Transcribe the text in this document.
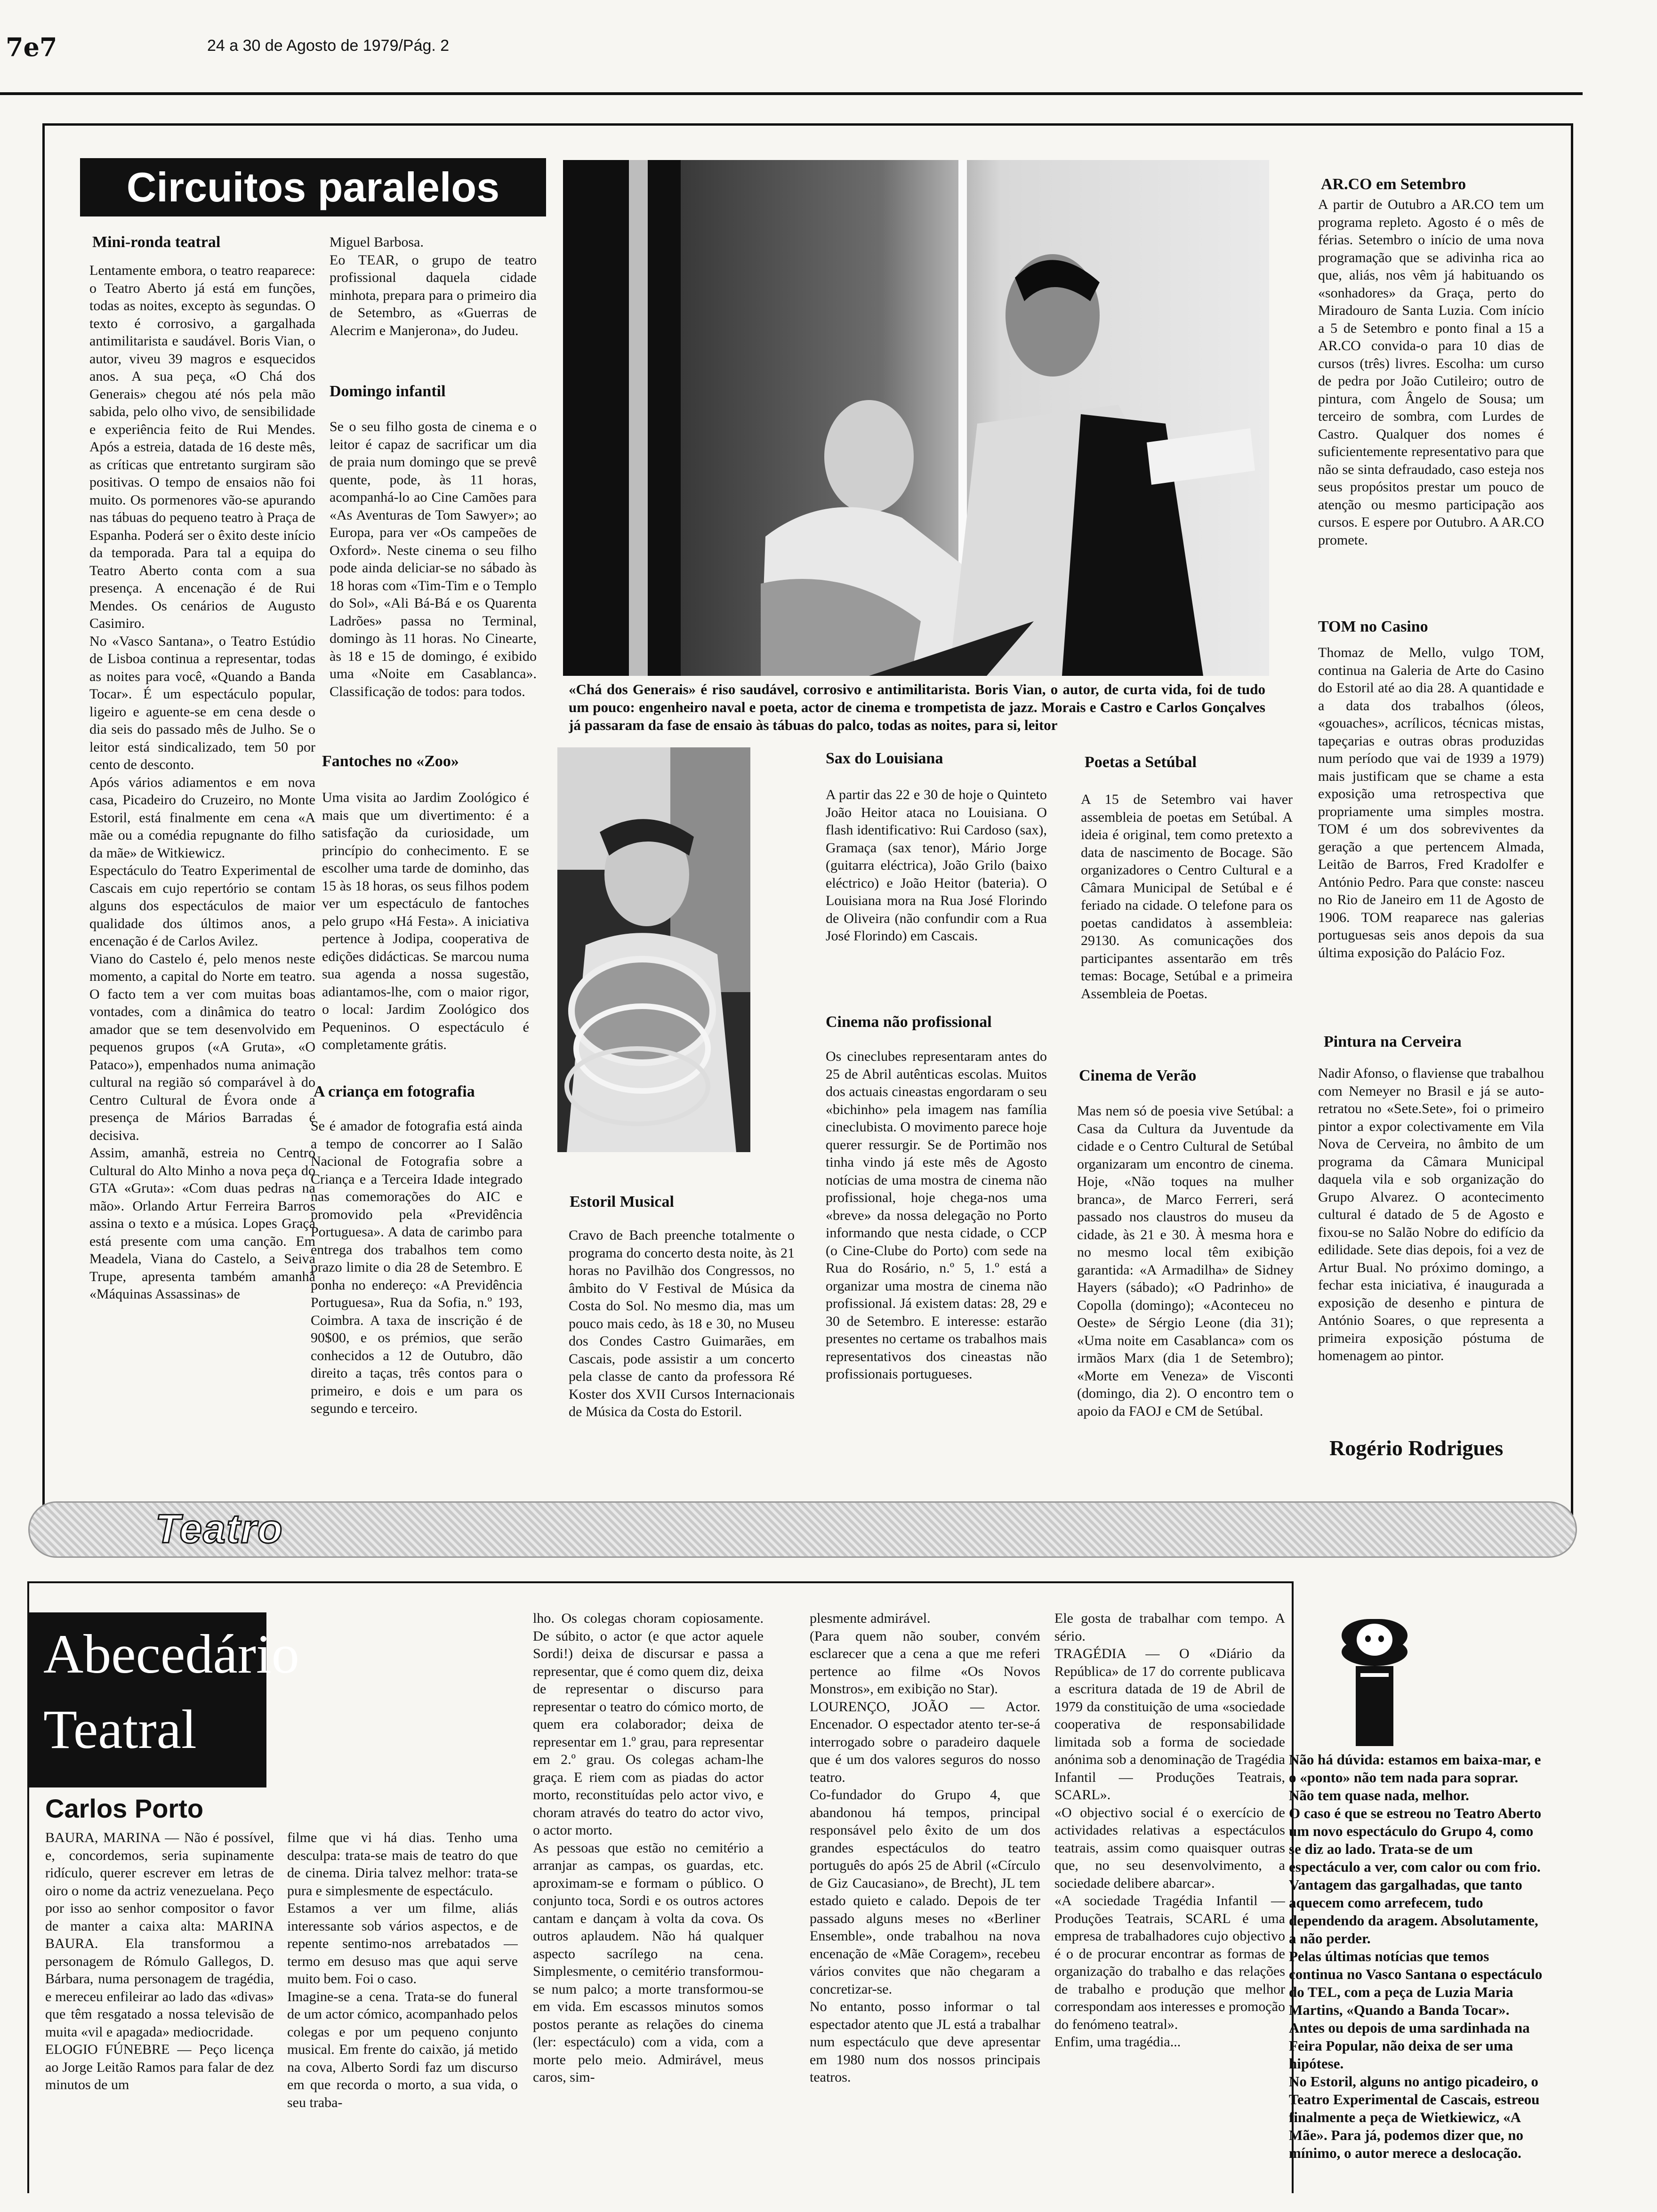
7e7	24 a 30 de Agosto de 1979/Pág. 2
Circuitos paralelos
Mini-ronda teatral
Lentamente embora, o teatro reaparece: o Teatro Aberto já está em funções, todas as noites, excepto às segundas. O texto é corrosivo, a gargalhada antimilitarista e saudável. Boris Vian, o autor, viveu 39 magros e esquecidos anos. A sua peça, «O Chá dos Generais» chegou até nós pela mão sabida, pelo olho vivo, de sensibilidade e experiência feito de Rui Mendes. Após a estreia, datada de 16 deste mês, as críticas que entretanto surgiram são positivas. O tempo de ensaios não foi muito. Os pormenores vão-se apurando nas tábuas do pequeno teatro à Praça de Espanha. Poderá ser o êxito deste início da temporada. Para tal a equipa do Teatro Aberto conta com a sua presença. A encenação é de Rui Mendes. Os cenários de Augusto Casimiro.
No «Vasco Santana», o Teatro Estúdio de Lisboa continua a representar, todas as noites para você, «Quando a Banda Tocar». É um espectáculo popular, ligeiro e aguente-se em cena desde o dia seis do passado mês de Julho. Se o leitor está sindicalizado, tem 50 por cento de desconto.
Após vários adiamentos e em nova casa, Picadeiro do Cruzeiro, no Monte Estoril, está finalmente em cena «A mãe ou a comédia repugnante do filho da mãe» de Witkiewicz.
Espectáculo do Teatro Experimental de Cascais em cujo repertório se contam alguns dos espectáculos de maior qualidade dos últimos anos, a encenação é de Carlos Avilez.
Viano do Castelo é, pelo menos neste momento, a capital do Norte em teatro. O facto tem a ver com muitas boas vontades, com a dinâmica do teatro amador que se tem desenvolvido em pequenos grupos («A Gruta», «O Pataco»), empenhados numa animação cultural na região só comparável à do Centro Cultural de Évora onde a presença de Mários Barradas é decisiva.
Assim, amanhã, estreia no Centro Cultural do Alto Minho a nova peça do GTA «Gruta»: «Com duas pedras na mão». Orlando Artur Ferreira Barros assina o texto e a música. Lopes Graça está presente com uma canção. Em Meadela, Viana do Castelo, a Seiva Trupe, apresenta também amanhã «Máquinas Assassinas» de
Miguel Barbosa.
Eo TEAR, o grupo de teatro profissional daquela cidade minhota, prepara para o primeiro dia de Setembro, as «Guerras de Alecrim e Manjerona», do Judeu.
Domingo infantil
Se o seu filho gosta de cinema e o leitor é capaz de sacrificar um dia de praia num domingo que se prevê quente, pode, às 11 horas, acompanhá-lo ao Cine Camões para «As Aventuras de Tom Sawyer»; ao Europa, para ver «Os campeões de Oxford». Neste cinema o seu filho pode ainda deliciar-se no sábado às 18 horas com «Tim-Tim e o Templo do Sol», «Ali Bá-Bá e os Quarenta Ladrões» passa no Terminal, domingo às 11 horas. No Cinearte, às 18 e 15 de domingo, é exibido uma «Noite em Casablanca». Classificação de todos: para todos.
Fantoches no «Zoo»
Uma visita ao Jardim Zoológico é mais que um divertimento: é a satisfação da curiosidade, um princípio do conhecimento. E se escolher uma tarde de dominho, das 15 às 18 horas, os seus filhos podem ver um espectáculo de fantoches pelo grupo «Há Festa». A iniciativa pertence à Jodipa, cooperativa de edições didácticas. Se marcou numa sua agenda a nossa sugestão, adiantamos-lhe, com o maior rigor, o local: Jardim Zoológico dos Pequeninos. O espectáculo é completamente grátis.
A criança em fotografia
Se é amador de fotografia está ainda a tempo de concorrer ao I Salão Nacional de Fotografia sobre a Criança e a Terceira Idade integrado nas comemorações do AIC e promovido pela «Previdência Portuguesa». A data de carimbo para entrega dos trabalhos tem como prazo limite o dia 28 de Setembro. E ponha no endereço: «A Previdência Portuguesa», Rua da Sofia, n.º 193, Coimbra. A taxa de inscrição é de 90$00, e os prémios, que serão conhecidos a 12 de Outubro, dão direito a taças, três contos para o primeiro, e dois e um para os segundo e terceiro.
«Chá dos Generais» é riso saudável, corrosivo e antimilitarista. Boris Vian, o autor, de curta vida, foi de tudo um pouco: engenheiro naval e poeta, actor de cinema e trompetista de jazz. Morais e Castro e Carlos Gonçalves já passaram da fase de ensaio às tábuas do palco, todas as noites, para si, leitor
Sax do Louisiana
A partir das 22 e 30 de hoje o Quinteto João Heitor ataca no Louisiana. O flash identificativo: Rui Cardoso (sax), Gramaça (sax tenor), Mário Jorge (guitarra eléctrica), João Grilo (baixo eléctrico) e João Heitor (bateria). O Louisiana mora na Rua José Florindo de Oliveira (não confundir com a Rua José Florindo) em Cascais.
Cinema não profissional
Os cineclubes representaram antes do 25 de Abril autênticas escolas. Muitos dos actuais cineastas engordaram o seu «bichinho» pela imagem nas família cineclubista. O movimento parece hoje querer ressurgir. Se de Portimão nos tinha vindo já este mês de Agosto notícias de uma mostra de cinema não profissional, hoje chega-nos uma «breve» da nossa delegação no Porto informando que nesta cidade, o CCP (o Cine-Clube do Porto) com sede na Rua do Rosário, n.º 5, 1.º está a organizar uma mostra de cinema não profissional. Já existem datas: 28, 29 e 30 de Setembro. E interesse: estarão presentes no certame os trabalhos mais representativos dos cineastas não profissionais portugueses.
Estoril Musical
Cravo de Bach preenche totalmente o programa do concerto desta noite, às 21 horas no Pavilhão dos Congressos, no âmbito do V Festival de Música da Costa do Sol. No mesmo dia, mas um pouco mais cedo, às 18 e 30, no Museu dos Condes Castro Guimarães, em Cascais, pode assistir a um concerto pela classe de canto da professora Ré Koster dos XVII Cursos Internacionais de Música da Costa do Estoril.
Poetas a Setúbal
A 15 de Setembro vai haver assembleia de poetas em Setúbal. A ideia é original, tem como pretexto a data de nascimento de Bocage. São organizadores o Centro Cultural e a Câmara Municipal de Setúbal e é feriado na cidade. O telefone para os poetas candidatos à assembleia: 29130. As comunicações dos participantes assentarão em três temas: Bocage, Setúbal e a primeira Assembleia de Poetas.
Cinema de Verão
Mas nem só de poesia vive Setúbal: a Casa da Cultura da Juventude da cidade e o Centro Cultural de Setúbal organizaram um encontro de cinema. Hoje, «Não toques na mulher branca», de Marco Ferreri, será passado nos claustros do museu da cidade, às 21 e 30. À mesma hora e no mesmo local têm exibição garantida: «A Armadilha» de Sidney Hayers (sábado); «O Padrinho» de Copolla (domingo); «Aconteceu no Oeste» de Sérgio Leone (dia 31); «Uma noite em Casablanca» com os irmãos Marx (dia 1 de Setembro); «Morte em Veneza» de Visconti (domingo, dia 2). O encontro tem o apoio da FAOJ e CM de Setúbal.
AR.CO em Setembro
A partir de Outubro a AR.CO tem um programa repleto. Agosto é o mês de férias. Setembro o início de uma nova programação que se adivinha rica ao que, aliás, nos vêm já habituando os «sonhadores» da Graça, perto do Miradouro de Santa Luzia. Com início a 5 de Setembro e ponto final a 15 a AR.CO convida-o para 10 dias de cursos (três) livres. Escolha: um curso de pedra por João Cutileiro; outro de pintura, com Ângelo de Sousa; um terceiro de sombra, com Lurdes de Castro. Qualquer dos nomes é suficientemente representativo para que não se sinta defraudado, caso esteja nos seus propósitos prestar um pouco de atenção ou mesmo participação aos cursos. E espere por Outubro. A AR.CO promete.
TOM no Casino
Thomaz de Mello, vulgo TOM, continua na Galeria de Arte do Casino do Estoril até ao dia 28. A quantidade e a data dos trabalhos (óleos, «gouaches», acrílicos, técnicas mistas, tapeçarias e outras obras produzidas num período que vai de 1939 a 1979) mais justificam que se chame a esta exposição uma retrospectiva que propriamente uma simples mostra. TOM é um dos sobreviventes da geração a que pertencem Almada, Leitão de Barros, Fred Kradolfer e António Pedro. Para que conste: nasceu no Rio de Janeiro em 11 de Agosto de 1906. TOM reaparece nas galerias portuguesas seis anos depois da sua última exposição do Palácio Foz.
Pintura na Cerveira
Nadir Afonso, o flaviense que trabalhou com Nemeyer no Brasil e já se auto-retratou no «Sete.Sete», foi o primeiro pintor a expor colectivamente em Vila Nova de Cerveira, no âmbito de um programa da Câmara Municipal daquela vila e sob organização do Grupo Alvarez. O acontecimento cultural é datado de 5 de Agosto e fixou-se no Salão Nobre do edifício da edilidade. Sete dias depois, foi a vez de Artur Bual. No próximo domingo, a fechar esta iniciativa, é inaugurada a exposição de desenho e pintura de António Soares, o que representa a primeira exposição póstuma de homenagem ao pintor.
Rogério Rodrigues
Teatro
Abecedário
Teatral
Carlos Porto
BAURA, MARINA — Não é possível, e, concordemos, seria supinamente ridículo, querer escrever em letras de oiro o nome da actriz venezuelana. Peço por isso ao senhor compositor o favor de manter a caixa alta: MARINA BAURA. Ela transformou a personagem de Rómulo Gallegos, D. Bárbara, numa personagem de tragédia, e mereceu enfileirar ao lado das «divas» que têm resgatado a nossa televisão de muita «vil e apagada» mediocridade.
ELOGIO FÚNEBRE — Peço licença ao Jorge Leitão Ramos para falar de dez minutos de um
filme que vi há dias. Tenho uma desculpa: trata-se mais de teatro do que de cinema. Diria talvez melhor: trata-se pura e simplesmente de espectáculo.
Estamos a ver um filme, aliás interessante sob vários aspectos, e de repente sentimo-nos arrebatados — termo em desuso mas que aqui serve muito bem. Foi o caso.
Imagine-se a cena. Trata-se do funeral de um actor cómico, acompanhado pelos colegas e por um pequeno conjunto musical. Em frente do caixão, já metido na cova, Alberto Sordi faz um discurso em que recorda o morto, a sua vida, o seu traba-
lho. Os colegas choram copiosamente. De súbito, o actor (e que actor aquele Sordi!) deixa de discursar e passa a representar, que é como quem diz, deixa de representar o discurso para representar o teatro do cómico morto, de quem era colaborador; deixa de representar em 1.º grau, para representar em 2.º grau. Os colegas acham-lhe graça. E riem com as piadas do actor morto, reconstituídas pelo actor vivo, e choram através do teatro do actor vivo, o actor morto.
As pessoas que estão no cemitério a arranjar as campas, os guardas, etc. aproximam-se e formam o público. O conjunto toca, Sordi e os outros actores cantam e dançam à volta da cova. Os outros aplaudem. Não há qualquer aspecto sacrílego na cena. Simplesmente, o cemitério transformou-se num palco; a morte transformou-se em vida. Em escassos minutos somos postos perante as relações do cinema (ler: espectáculo) com a vida, com a morte pelo meio. Admirável, meus caros, sim-
plesmente admirável.
(Para quem não souber, convém esclarecer que a cena a que me referi pertence ao filme «Os Novos Monstros», em exibição no Star).
LOURENÇO, JOÃO — Actor. Encenador. O espectador atento ter-se-á interrogado sobre o paradeiro daquele que é um dos valores seguros do nosso teatro.
Co-fundador do Grupo 4, que abandonou há tempos, principal responsável pelo êxito de um dos grandes espectáculos do teatro português do após 25 de Abril («Círculo de Giz Caucasiano», de Brecht), JL tem estado quieto e calado. Depois de ter passado alguns meses no «Berliner Ensemble», onde trabalhou na nova encenação de «Mãe Coragem», recebeu vários convites que não chegaram a concretizar-se.
No entanto, posso informar o tal espectador atento que JL está a trabalhar num espectáculo que deve apresentar em 1980 num dos nossos principais teatros.
Ele gosta de trabalhar com tempo. A sério.
TRAGÉDIA — O «Diário da República» de 17 do corrente publicava a escritura datada de 19 de Abril de 1979 da constituição de uma «sociedade cooperativa de responsabilidade limitada sob a forma de sociedade anónima sob a denominação de Tragédia Infantil — Produções Teatrais, SCARL».
«O objectivo social é o exercício de actividades relativas a espectáculos teatrais, assim como quaisquer outras que, no seu desenvolvimento, a sociedade delibere abarcar».
«A sociedade Tragédia Infantil — Produções Teatrais, SCARL é uma empresa de trabalhadores cujo objectivo é o de procurar encontrar as formas de organização do trabalho e das relações de trabalho e produção que melhor correspondam aos interesses e promoção do fenómeno teatral».
Enfim, uma tragédia...
Não há dúvida: estamos em baixa-mar, e o «ponto» não tem nada para soprar. Não tem quase nada, melhor.
O caso é que se estreou no Teatro Aberto um novo espectáculo do Grupo 4, como se diz ao lado. Trata-se de um espectáculo a ver, com calor ou com frio. Vantagem das gargalhadas, que tanto aquecem como arrefecem, tudo dependendo da aragem. Absolutamente, a não perder.
Pelas últimas notícias que temos continua no Vasco Santana o espectáculo do TEL, com a peça de Luzia Maria Martins, «Quando a Banda Tocar». Antes ou depois de uma sardinhada na Feira Popular, não deixa de ser uma hipótese.
No Estoril, alguns no antigo picadeiro, o Teatro Experimental de Cascais, estreou finalmente a peça de Wietkiewicz, «A Mãe». Para já, podemos dizer que, no mínimo, o autor merece a deslocação.
